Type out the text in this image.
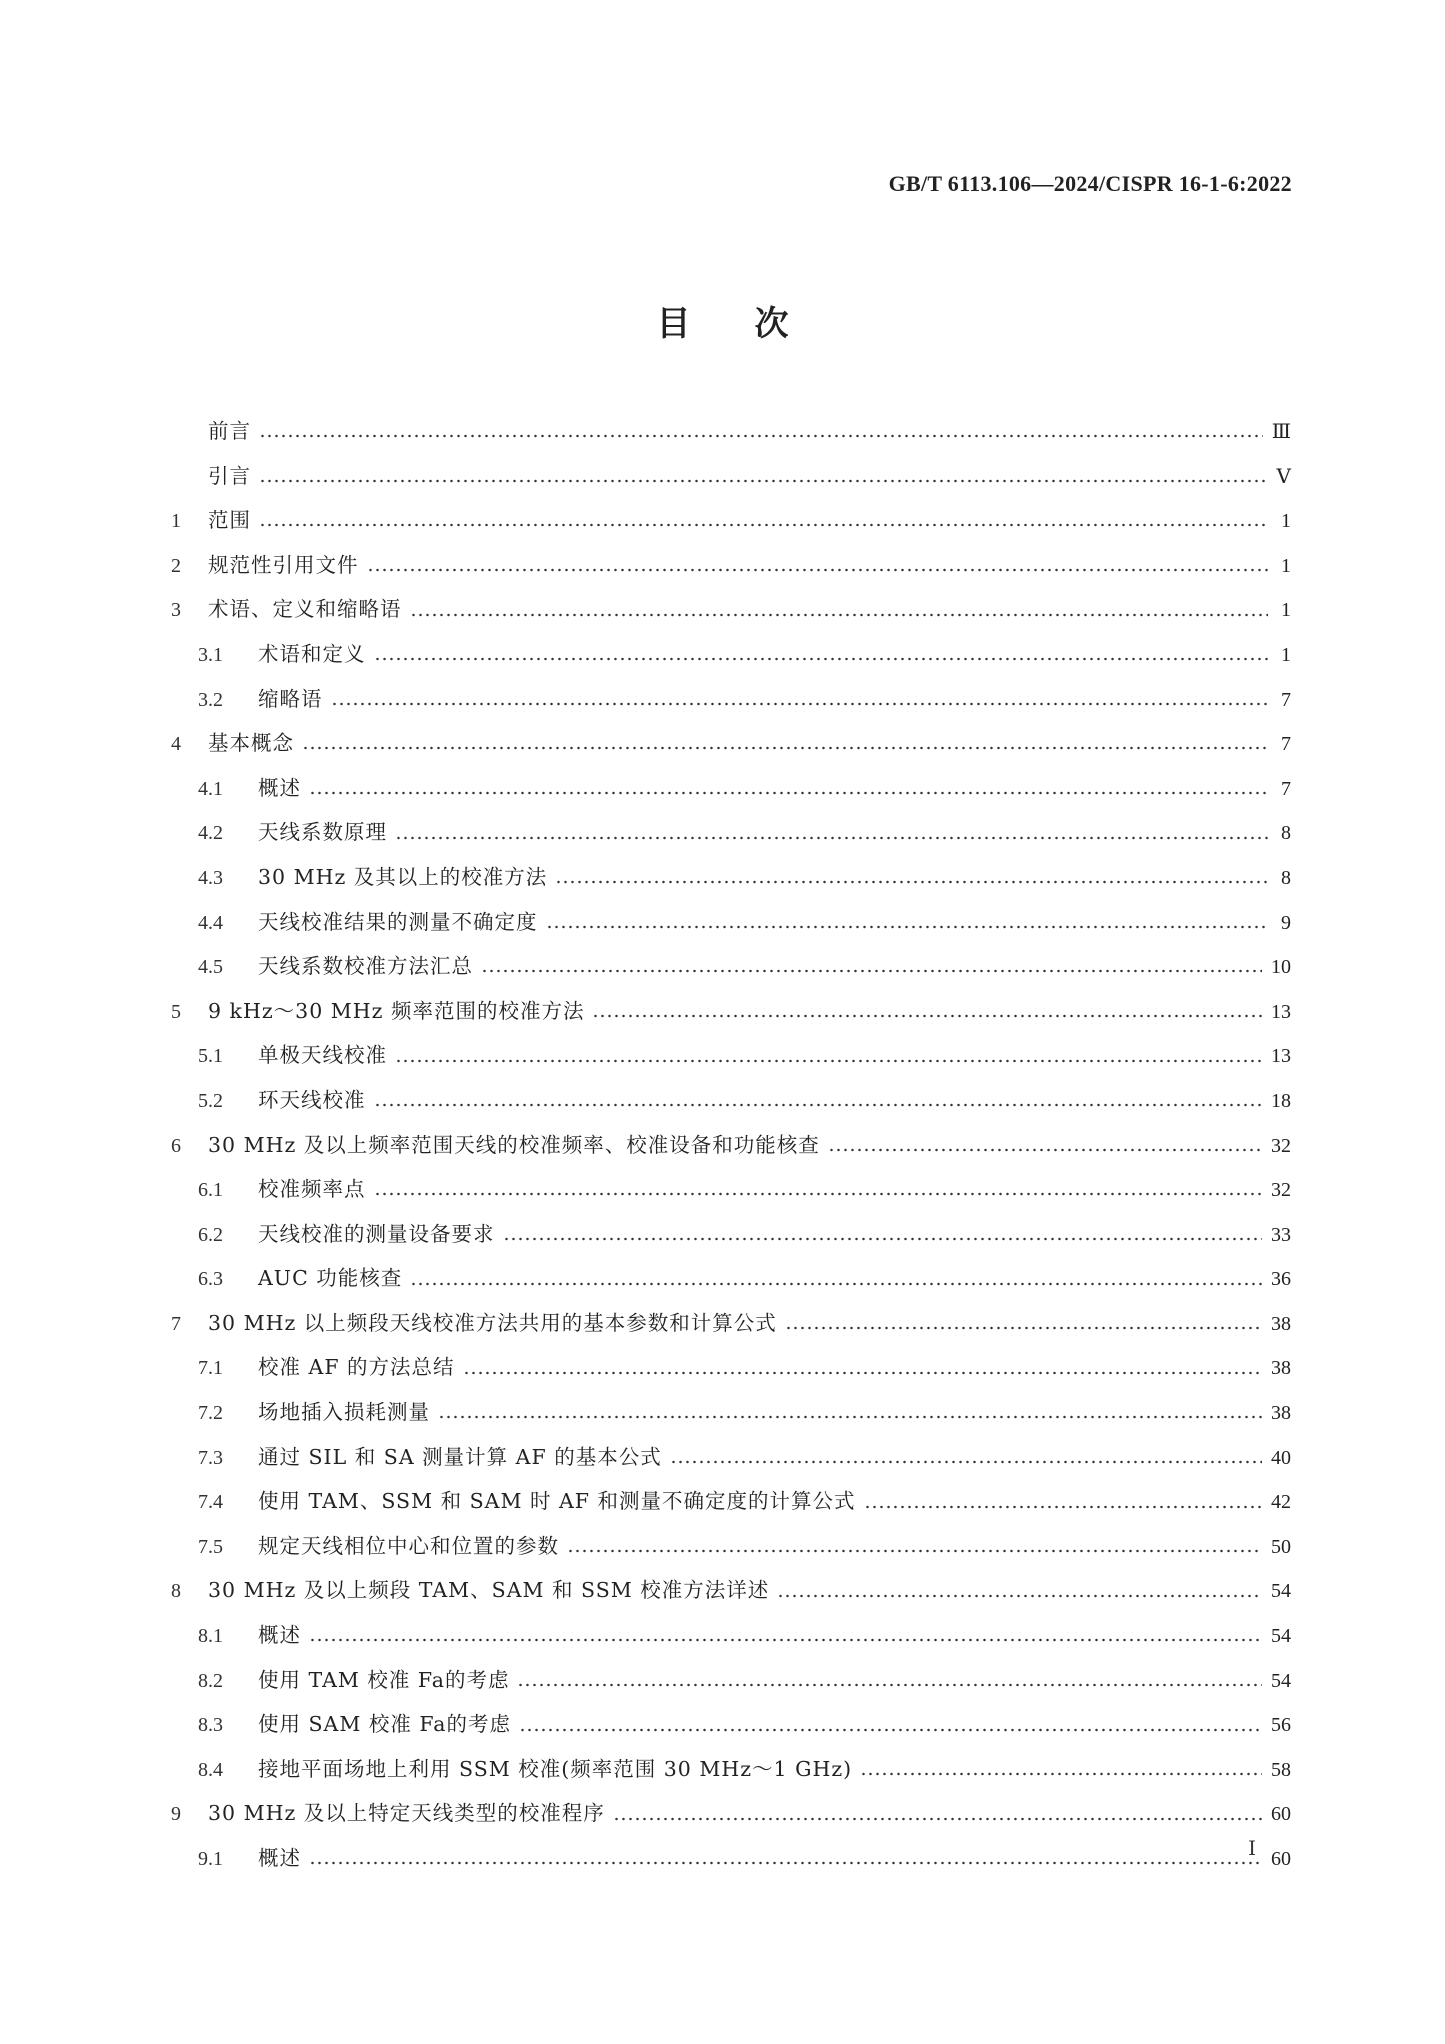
GB/T 6113.106—2024/CISPR 16-1-6:2022
目次
前言	Ⅲ
引言	Ⅴ
1	范围	1
2	规范性引用文件	1
3	术语、定义和缩略语	1
3.1	术语和定义	1
3.2	缩略语	7
4	基本概念	7
4.1	概述	7
4.2	天线系数原理	8
4.3	30 MHz 及其以上的校准方法	8
4.4	天线校准结果的测量不确定度	9
4.5	天线系数校准方法汇总	10
5	9 kHz～30 MHz 频率范围的校准方法	13
5.1	单极天线校准	13
5.2	环天线校准	18
6	30 MHz 及以上频率范围天线的校准频率、校准设备和功能核查	32
6.1	校准频率点	32
6.2	天线校准的测量设备要求	33
6.3	AUC 功能核查	36
7	30 MHz 以上频段天线校准方法共用的基本参数和计算公式	38
7.1	校准 AF 的方法总结	38
7.2	场地插入损耗测量	38
7.3	通过 SIL 和 SA 测量计算 AF 的基本公式	40
7.4	使用 TAM、SSM 和 SAM 时 AF 和测量不确定度的计算公式	42
7.5	规定天线相位中心和位置的参数	50
8	30 MHz 及以上频段 TAM、SAM 和 SSM 校准方法详述	54
8.1	概述	54
8.2	使用 TAM 校准 Fa的考虑	54
8.3	使用 SAM 校准 Fa的考虑	56
8.4	接地平面场地上利用 SSM 校准(频率范围 30 MHz～1 GHz)	58
9	30 MHz 及以上特定天线类型的校准程序	60
9.1	概述	60
Ⅰ
